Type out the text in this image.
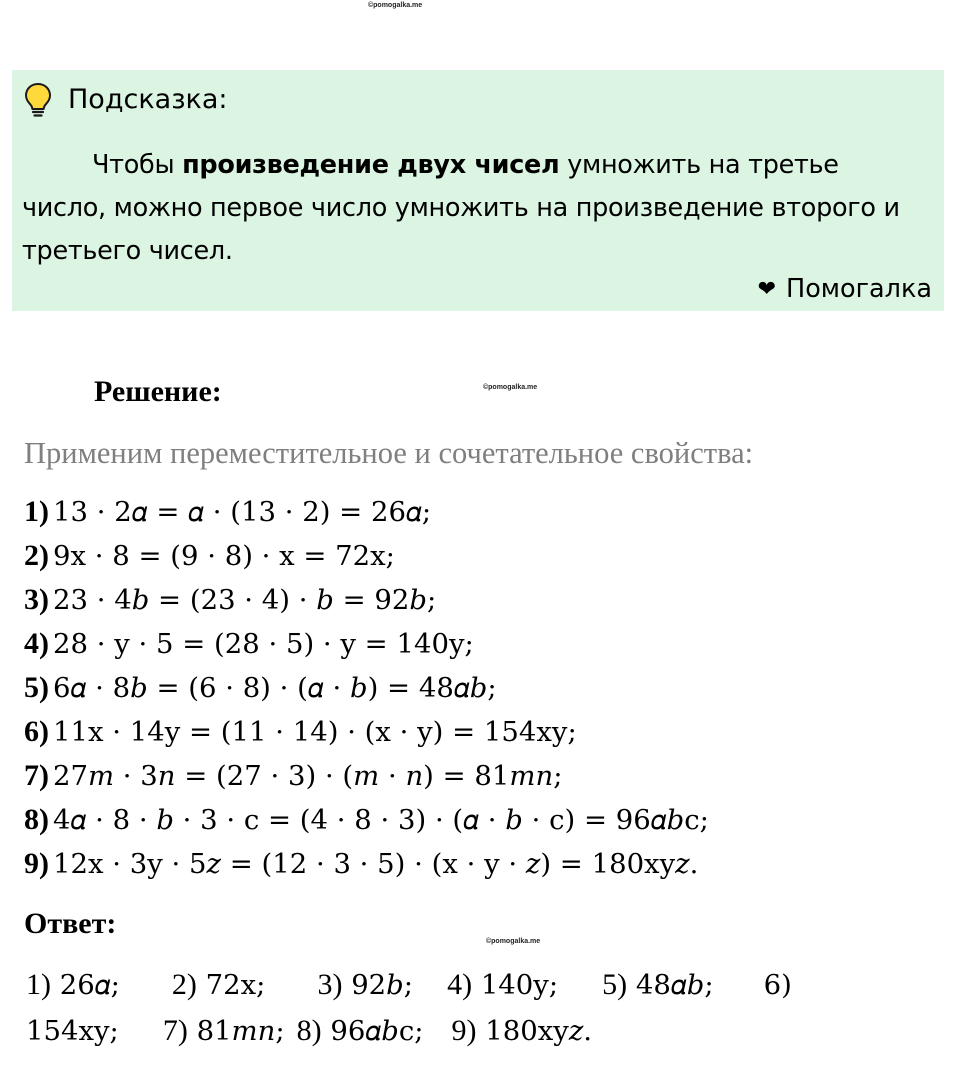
©pomogalka.me
Подсказка:

Чтобы произведение двух чисел умножить на третье число, можно первое число умножить на произведение второго и третьего чисел.

❤ Помогалка
Решение:	©pomogalka.me
Применим переместительное и сочетательное свойства:
1) 13 · 2𝛼 = 𝛼 · (13 · 2) = 26𝛼;
2) 9x · 8 = (9 · 8) · x = 72x;
3) 23 · 4𝑏 = (23 · 4) · 𝑏 = 92𝑏;
4) 28 · y · 5 = (28 · 5) · y = 140y;
5) 6𝛼 · 8𝑏 = (6 · 8) · (𝛼 · 𝑏) = 48𝛼𝑏;
6) 11x · 14y = (11 · 14) · (x · y) = 154xy;
7) 27𝑚 · 3𝑛 = (27 · 3) · (𝑚 · 𝑛) = 81𝑚𝑛;
8) 4𝛼 · 8 · 𝑏 · 3 · c = (4 · 8 · 3) · (𝛼 · 𝑏 · c) = 96𝛼𝑏c;
9) 12x · 3y · 5𝑧 = (12 · 3 · 5) · (x · y · 𝑧) = 180xy𝑧.
Ответ:
©pomogalka.me
1) 26𝛼; 2) 72x; 3) 92𝑏; 4) 140y; 5) 48𝛼𝑏; 6)
154xy; 7) 81𝑚𝑛; 8) 96𝛼𝑏c; 9) 180xy𝑧.
